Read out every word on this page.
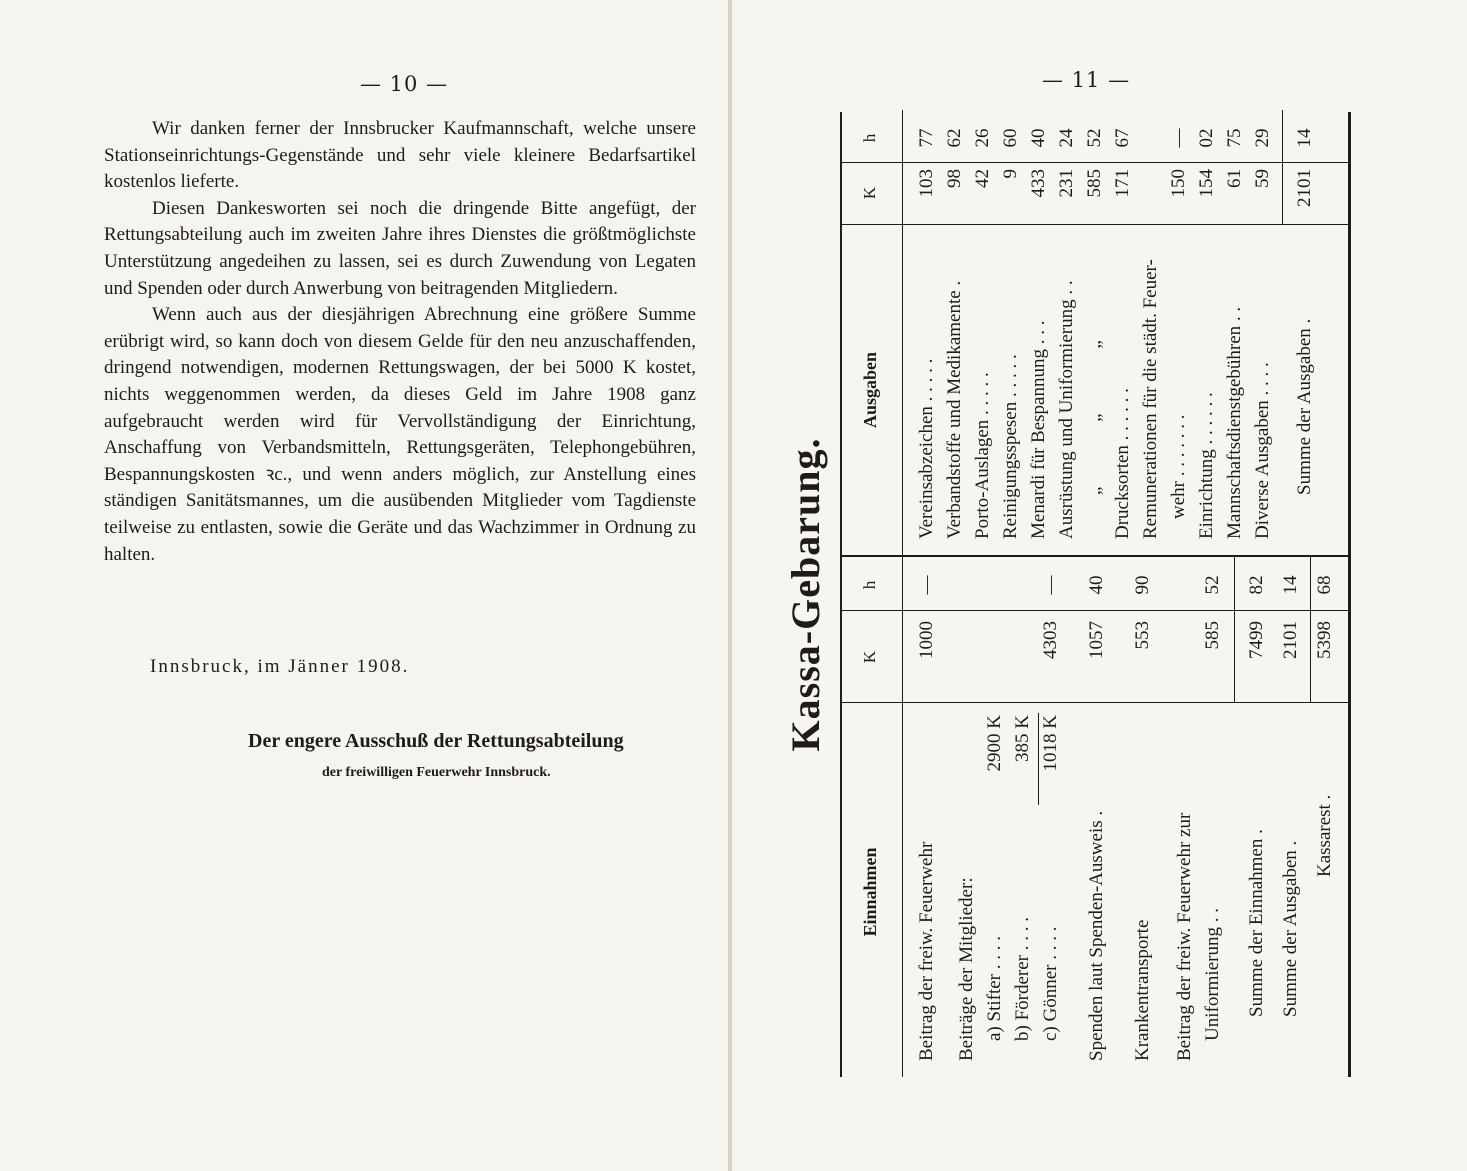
— 10 —

Wir danken ferner der Innsbrucker Kaufmannschaft, welche unsere Stationseinrichtungs-Gegenstände und sehr viele kleinere Bedarfsartikel kostenlos lieferte.

Diesen Dankesworten sei noch die dringende Bitte angefügt, der Rettungsabteilung auch im zweiten Jahre ihres Dienstes die größtmöglichste Unterstützung angedeihen zu lassen, sei es durch Zuwendung von Legaten und Spenden oder durch Anwerbung von beitragenden Mitgliedern.

Wenn auch aus der diesjährigen Abrechnung eine größere Summe erübrigt wird, so kann doch von diesem Gelde für den neu anzuschaffenden, dringend notwendigen, modernen Rettungswagen, der bei 5000 K kostet, nichts weggenommen werden, da dieses Geld im Jahre 1908 ganz aufgebraucht werden wird für Vervollständigung der Einrichtung, Anschaffung von Verbandsmitteln, Rettungsgeräten, Telephongebühren, Bespannungskosten ꝛc., und wenn anders möglich, zur Anstellung eines ständigen Sanitätsmannes, um die ausübenden Mitglieder vom Tagdienste teilweise zu entlasten, sowie die Geräte und das Wachzimmer in Ordnung zu halten.

Innsbruck, im Jänner 1908.
Der engere Ausschuß der Rettungsabteilung
der freiwilligen Feuerwehr Innsbruck.
— 11 —
Kassa-Gebarung.
Einnahmen
K
h
Beitrag der freiw. Feuerwehr
1000
—
Beiträge der Mitglieder: a) Stifter . . . .
2900 K
b) Förderer . . . .
385 K
c) Gönner . . . .
1018 K
4303
—
Spenden laut Spenden-Ausweis .
1057
40
Krankentransporte
553
90
Beitrag der freiw. Feuerwehr zur Uniformierung . .
585
52
Summe der Einnahmen .
7499
82
Summe der Ausgaben .
2101
14
Kassarest .
5398
68
Ausgaben
K
h
Vereinsabzeichen . . . . .
103
77
Verbandstoffe und Medikamente .
98
62
Porto-Auslagen . . . . .
42
26
Reinigungsspesen . . . . .
9
60
Menardi für Bespannung . . .
433
40
Ausrüstung und Uniformierung . .
231
24
„ „ „
585
52
Drucksorten . . . . . .
171
67
Remunerationen für die städt. Feuer- wehr . . . . . . .
150
—
Einrichtung . . . . . .
154
02
Mannschaftsdienstgebühren . .
61
75
Diverse Ausgaben . . . .
59
29
Summe der Ausgaben .
2101
14
